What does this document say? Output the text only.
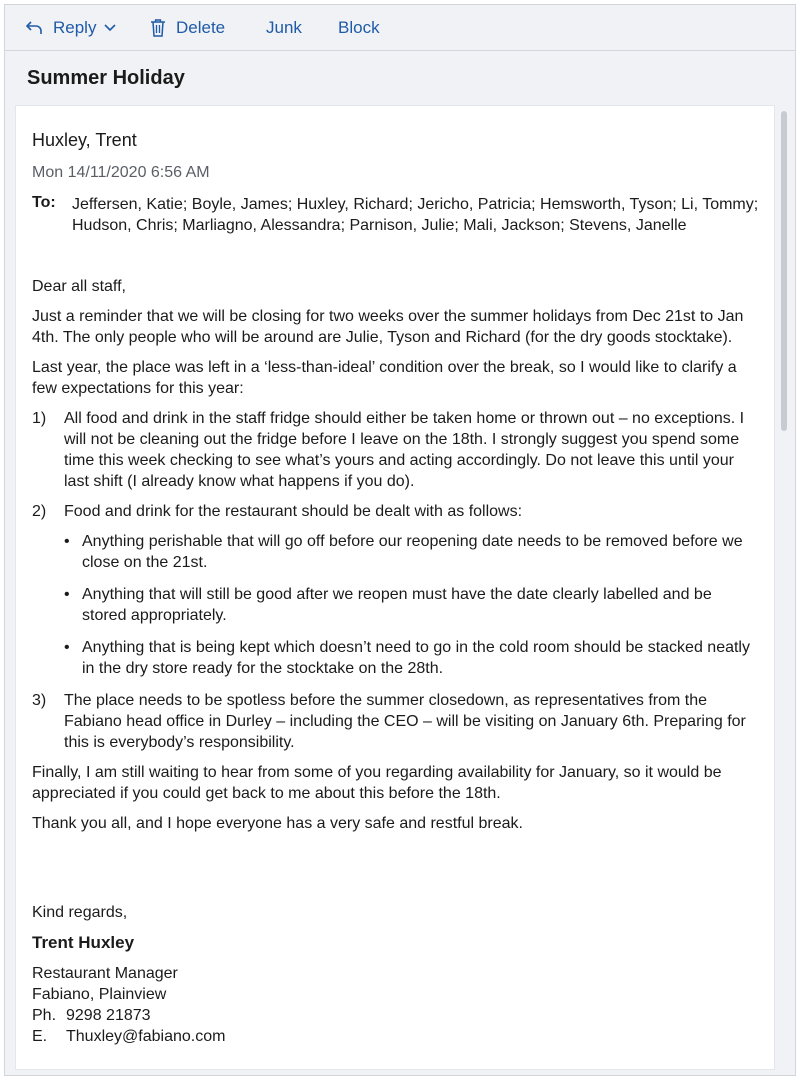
Reply	Delete Junk Block
Summer Holiday
Huxley, Trent
Mon 14/11/2020 6:56 AM
To: Jeffersen, Katie; Boyle, James; Huxley, Richard; Jericho, Patricia; Hemsworth, Tyson; Li, Tommy; Hudson, Chris; Marliagno, Alessandra; Parnison, Julie; Mali, Jackson; Stevens, Janelle

Dear all staff,

Just a reminder that we will be closing for two weeks over the summer holidays from Dec 21st to Jan 4th. The only people who will be around are Julie, Tyson and Richard (for the dry goods stocktake).

Last year, the place was left in a ‘less-than-ideal’ condition over the break, so I would like to clarify a few expectations for this year:

1) All food and drink in the staff fridge should either be taken home or thrown out – no exceptions. I will not be cleaning out the fridge before I leave on the 18th. I strongly suggest you spend some time this week checking to see what’s yours and acting accordingly. Do not leave this until your last shift (I already know what happens if you do).
2) Food and drink for the restaurant should be dealt with as follows:
• Anything perishable that will go off before our reopening date needs to be removed before we close on the 21st.
• Anything that will still be good after we reopen must have the date clearly labelled and be stored appropriately.
• Anything that is being kept which doesn’t need to go in the cold room should be stacked neatly in the dry store ready for the stocktake on the 28th.
3) The place needs to be spotless before the summer closedown, as representatives from the Fabiano head office in Durley – including the CEO – will be visiting on January 6th. Preparing for this is everybody’s responsibility.

Finally, I am still waiting to hear from some of you regarding availability for January, so it would be appreciated if you could get back to me about this before the 18th.

Thank you all, and I hope everyone has a very safe and restful break.

Kind regards,
Trent Huxley
Restaurant Manager
Fabiano, Plainview
Ph. 9298 21873
E. Thuxley@fabiano.com
